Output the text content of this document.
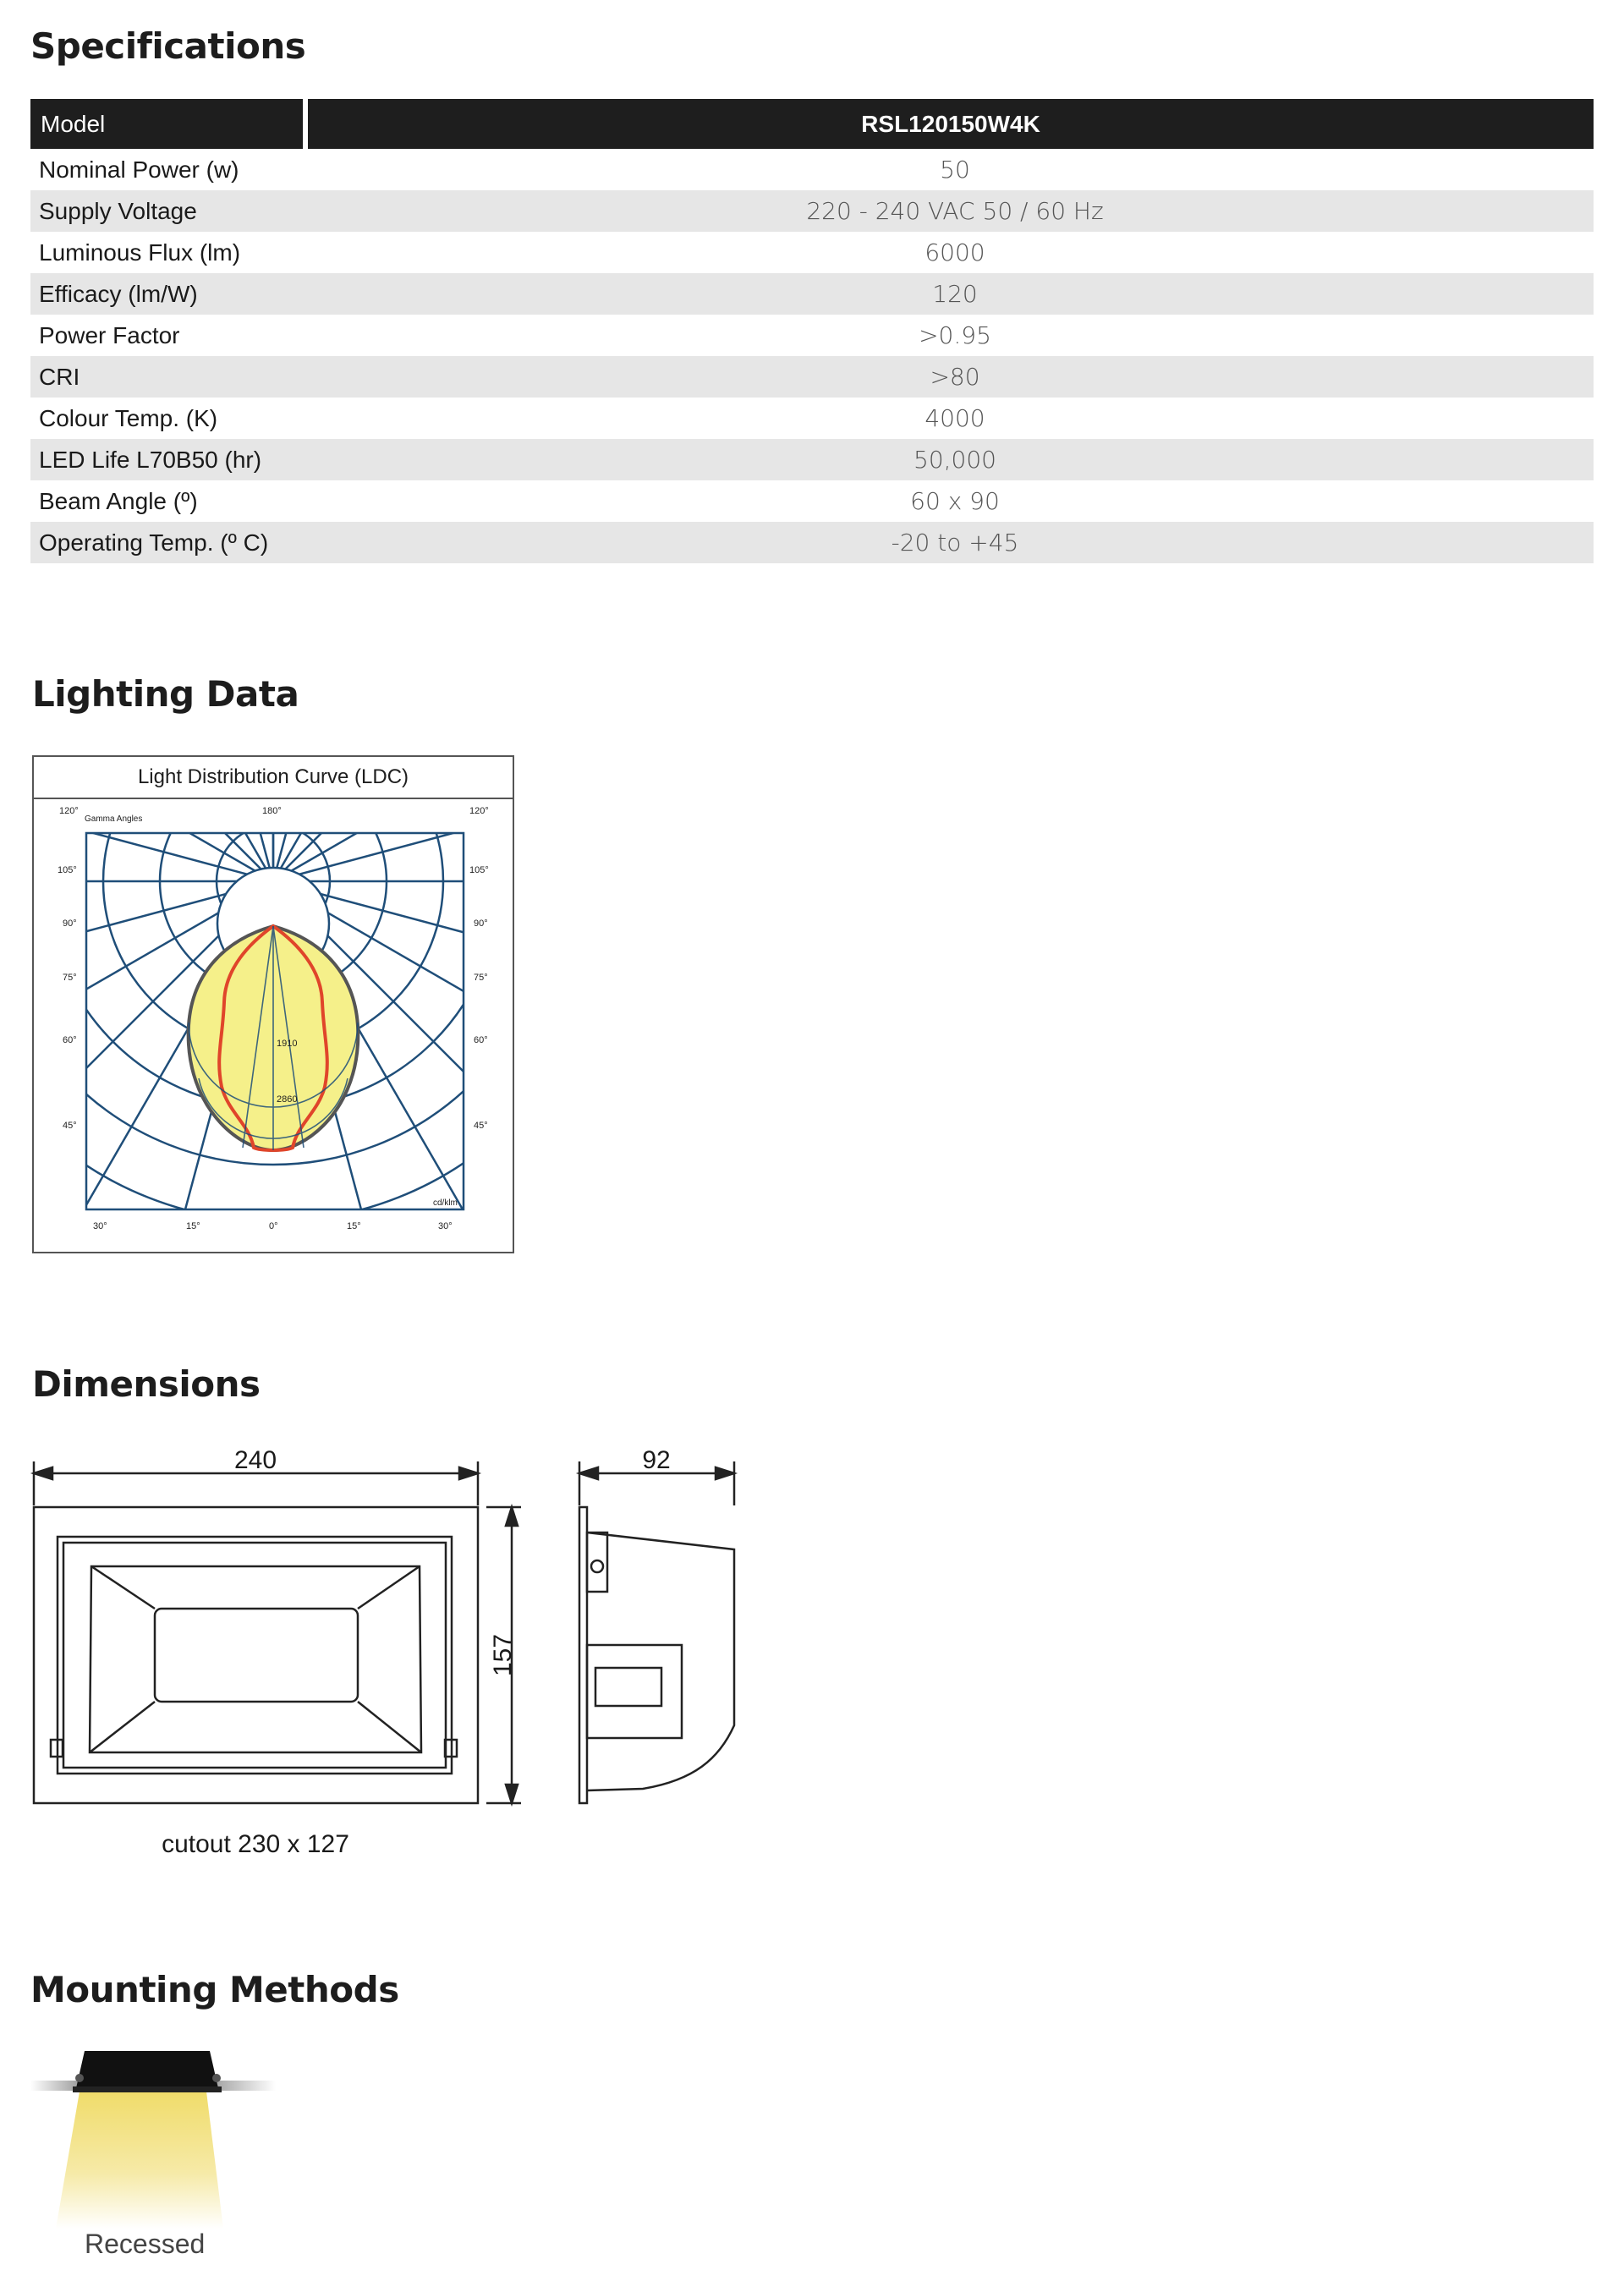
Specifications
Model	RSL120150W4K
Nominal Power (w)	50
Supply Voltage	220 - 240 VAC 50 / 60 Hz
Luminous Flux (lm)	6000
Efficacy (lm/W)	120
Power Factor	>0.95
CRI	>80
Colour Temp. (K)	4000
LED Life L70B50 (hr)	50,000
Beam Angle (º)	60 x 90
Operating Temp. (º C)	-20 to +45
Lighting Data
Light Distribution Curve (LDC)
120°
Gamma Angles
180°	120°
105°
90°
75°
60°
45°
105°
90°
75°
60°
45°
30°	15°	0°	15°	30°
cd/klm
1910
2860
Dimensions
240	92
157
cutout 230 x 127
Mounting Methods
Recessed
